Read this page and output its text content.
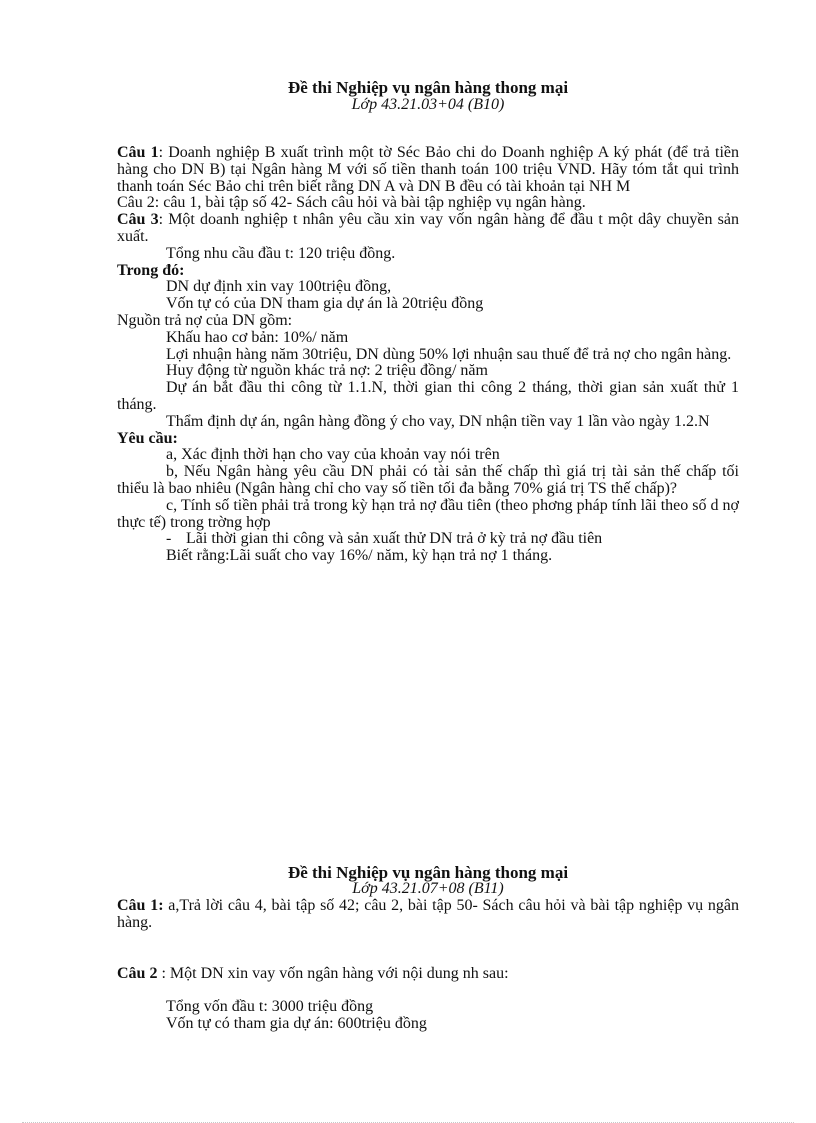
Đề thi Nghiệp vụ ngân hàng thong mại
Lớp 43.21.03+04 (B10)

Câu 1: Doanh nghiệp B xuất trình một tờ Séc Bảo chi do Doanh nghiệp A ký phát (để trả tiền hàng cho DN B) tại Ngân hàng M với số tiền thanh toán 100 triệu VND. Hãy tóm tắt qui trình thanh toán Séc Bảo chi trên biết rằng DN A và DN B đều có tài khoản tại NH M

Câu 2: câu 1, bài tập số 42- Sách câu hỏi và bài tập nghiệp vụ ngân hàng.

Câu 3: Một doanh nghiệp t nhân yêu cầu xin vay vốn ngân hàng để đầu t một dây chuyền sản xuất.

Tổng nhu cầu đầu t: 120 triệu đồng.

Trong đó:

DN dự định xin vay 100triệu đồng,

Vốn tự có của DN tham gia dự án là 20triệu đồng

Nguồn trả nợ của DN gồm:

Khấu hao cơ bản: 10%/ năm

Lợi nhuận hàng năm 30triệu, DN dùng 50% lợi nhuận sau thuế để trả nợ cho ngân hàng.

Huy động từ nguồn khác trả nợ: 2 triệu đồng/ năm

Dự án bắt đầu thi công từ 1.1.N, thời gian thi công 2 tháng, thời gian sản xuất thử 1 tháng.

Thẩm định dự án, ngân hàng đồng ý cho vay, DN nhận tiền vay 1 lần vào ngày 1.2.N

Yêu cầu:

a, Xác định thời hạn cho vay của khoản vay nói trên

b, Nếu Ngân hàng yêu cầu DN phải có tài sản thế chấp thì giá trị tài sản thế chấp tối thiểu là bao nhiêu (Ngân hàng chỉ cho vay số tiền tối đa bằng 70% giá trị TS thế chấp)?

c, Tính số tiền phải trả trong kỳ hạn trả nợ đầu tiên (theo phơng pháp tính lãi theo số d nợ thực tế) trong trờng hợp

- Lãi thời gian thi công và sản xuất thử DN trả ở kỳ trả nợ đầu tiên

Biết rằng:Lãi suất cho vay 16%/ năm, kỳ hạn trả nợ 1 tháng.

Đề thi Nghiệp vụ ngân hàng thong mại
Lớp 43.21.07+08 (B11)

Câu 1: a,Trả lời câu 4, bài tập số 42; câu 2, bài tập 50- Sách câu hỏi và bài tập nghiệp vụ ngân hàng.

Câu 2 : Một DN xin vay vốn ngân hàng với nội dung nh sau:

Tổng vốn đầu t: 3000 triệu đồng

Vốn tự có tham gia dự án: 600triệu đồng
